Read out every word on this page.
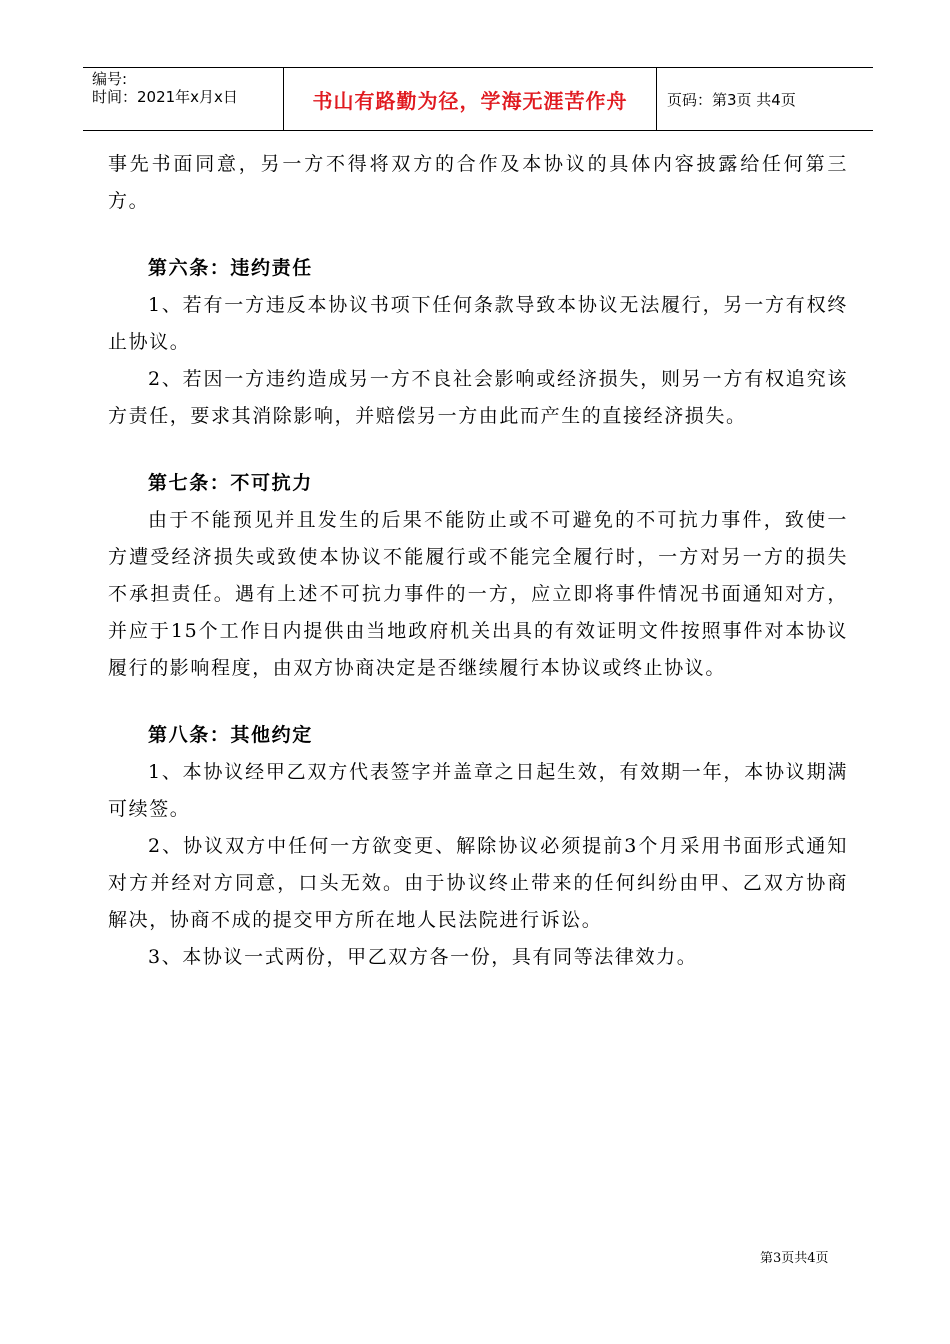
编号:
时间：2021年x月x日	书山有路勤为径，学海无涯苦作舟	页码：第3页 共4页

事先书面同意，另一方不得将双方的合作及本协议的具体内容披露给任何第三方。

第六条：违约责任

1、若有一方违反本协议书项下任何条款导致本协议无法履行，另一方有权终止协议。

2、若因一方违约造成另一方不良社会影响或经济损失，则另一方有权追究该方责任，要求其消除影响，并赔偿另一方由此而产生的直接经济损失。

第七条：不可抗力

由于不能预见并且发生的后果不能防止或不可避免的不可抗力事件，致使一方遭受经济损失或致使本协议不能履行或不能完全履行时，一方对另一方的损失不承担责任。遇有上述不可抗力事件的一方，应立即将事件情况书面通知对方，并应于15个工作日内提供由当地政府机关出具的有效证明文件按照事件对本协议履行的影响程度，由双方协商决定是否继续履行本协议或终止协议。

第八条：其他约定

1、本协议经甲乙双方代表签字并盖章之日起生效，有效期一年，本协议期满可续签。

2、协议双方中任何一方欲变更、解除协议必须提前3个月采用书面形式通知对方并经对方同意，口头无效。由于协议终止带来的任何纠纷由甲、乙双方协商解决，协商不成的提交甲方所在地人民法院进行诉讼。

3、本协议一式两份，甲乙双方各一份，具有同等法律效力。

第3页共4页
